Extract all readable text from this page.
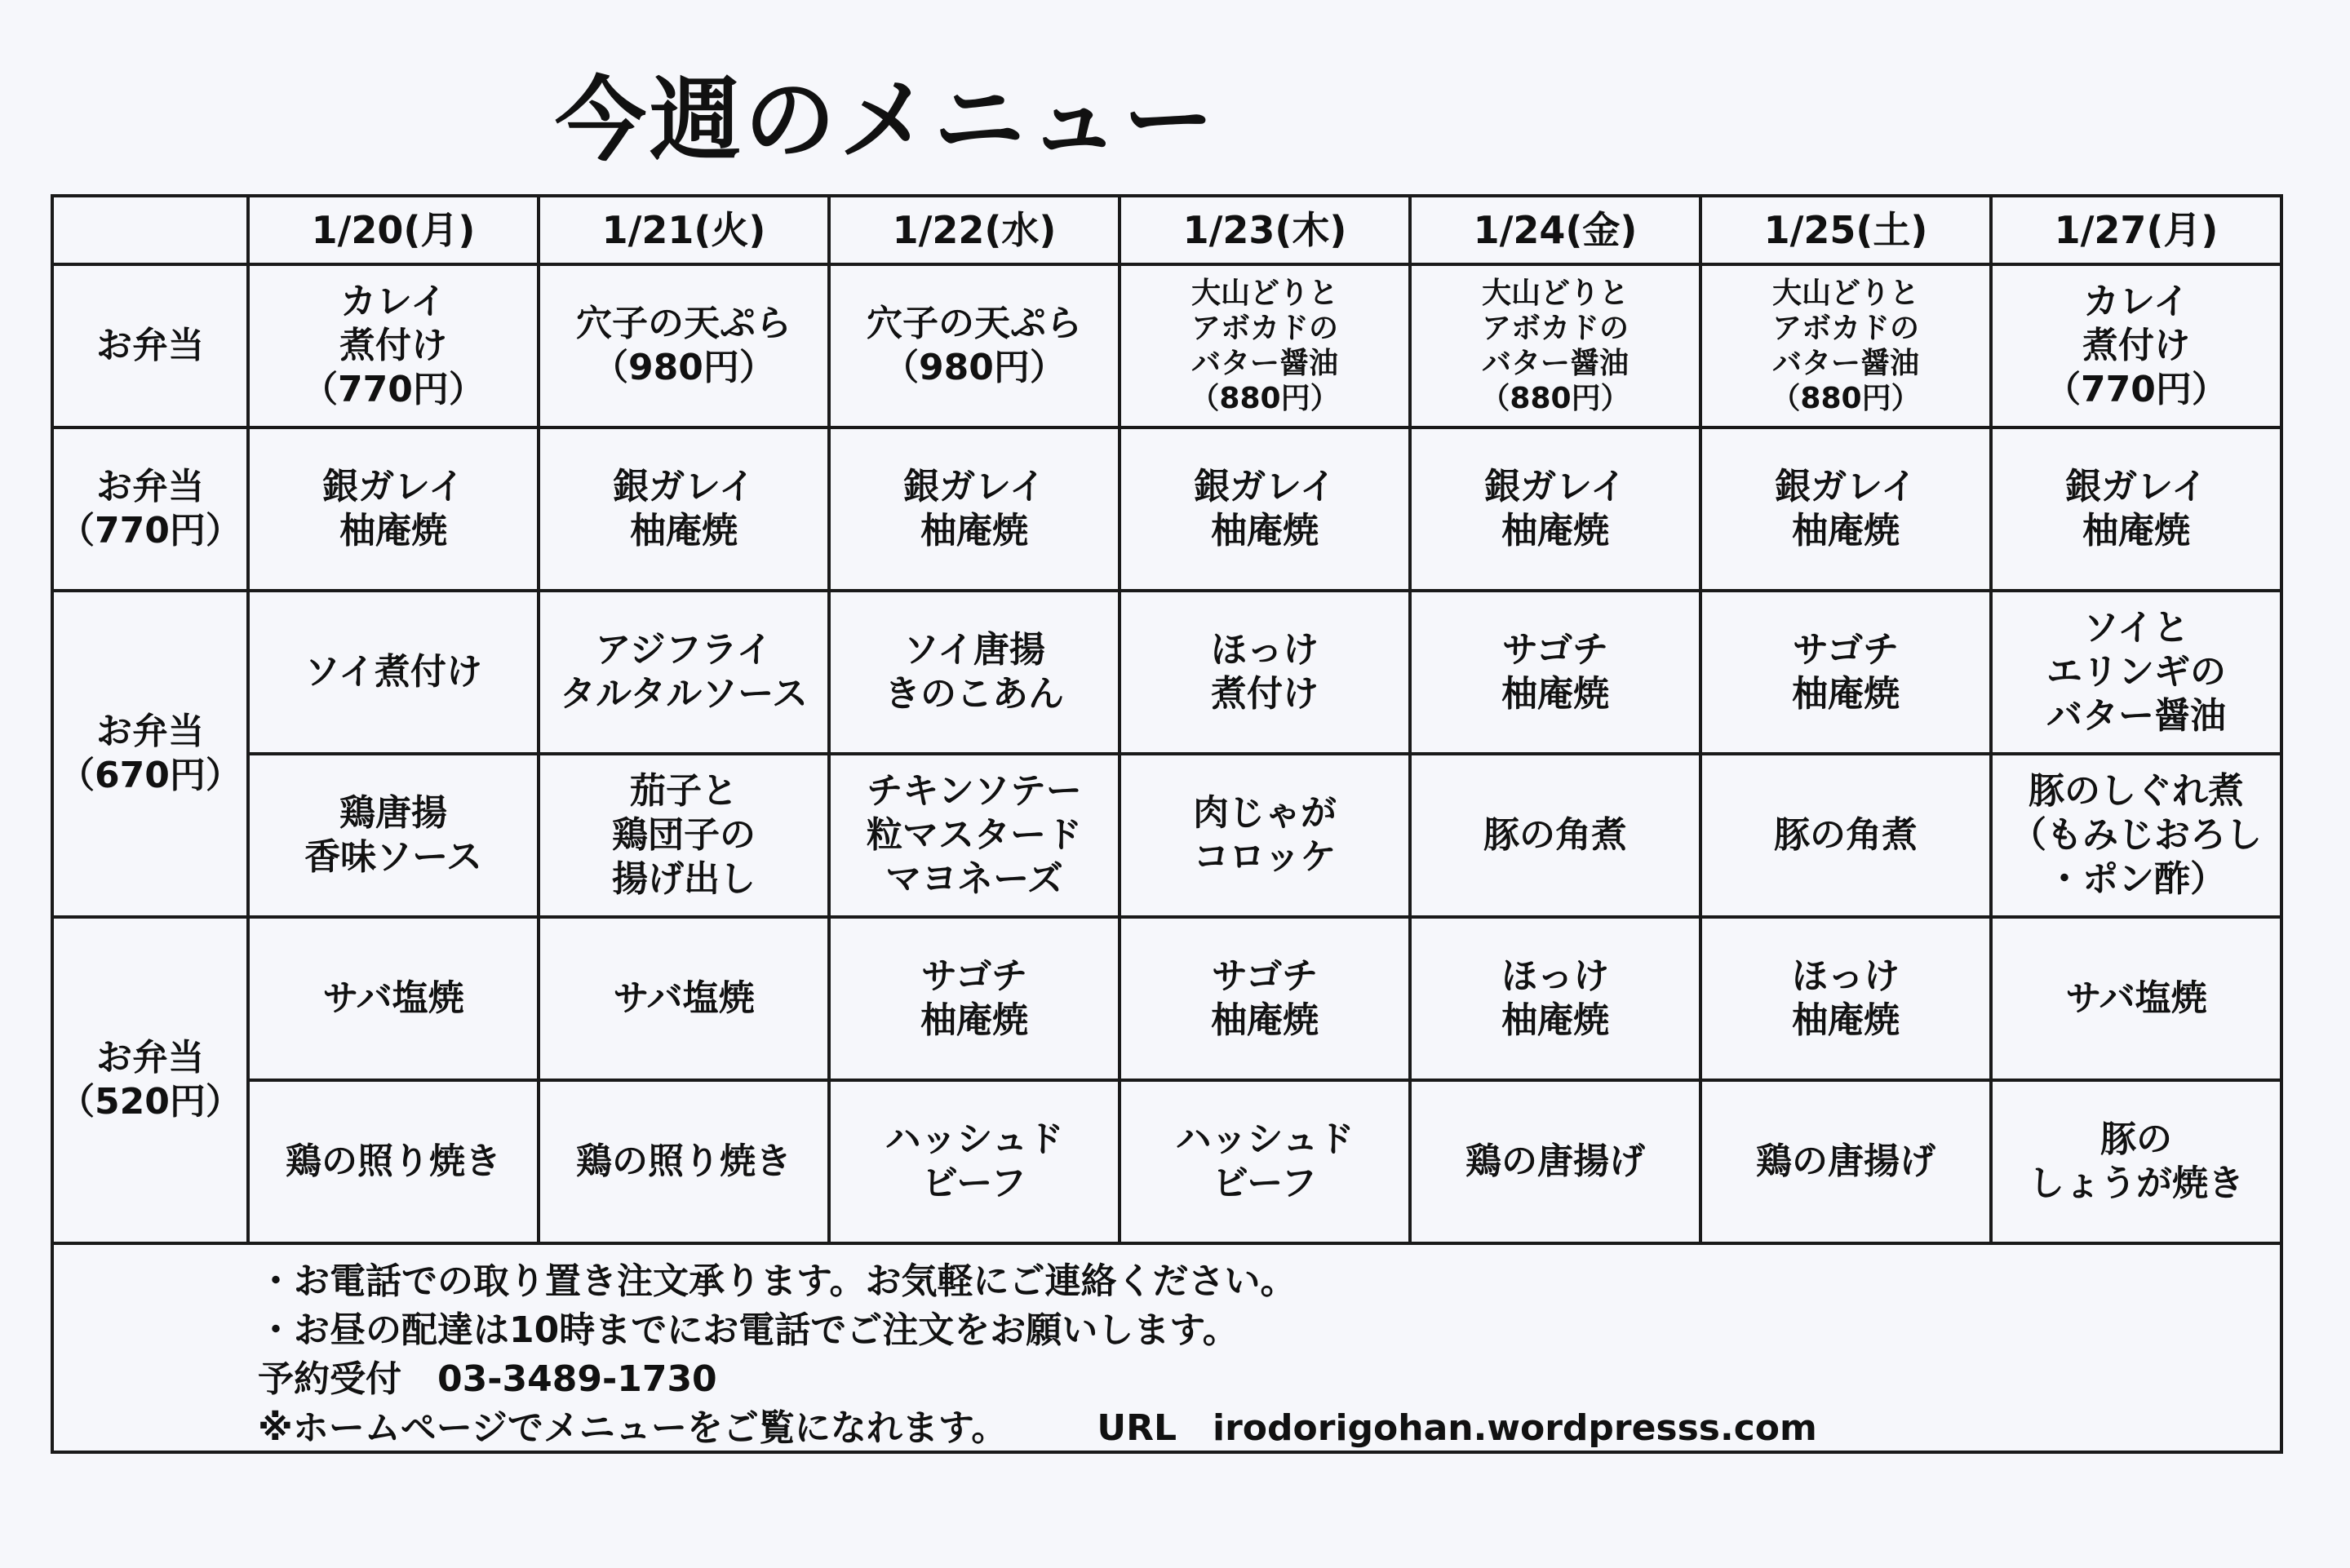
今週のメニュー
	1/20(月)	1/21(火)	1/22(水)	1/23(木)	1/24(金)	1/25(土)	1/27(月)

お弁当	カレイ
煮付け
（770円）	穴子の天ぷら
（980円）	穴子の天ぷら
（980円）	大山どりと
アボカドの
バター醤油
（880円）	大山どりと
アボカドの
バター醤油
（880円）	大山どりと
アボカドの
バター醤油
（880円）	カレイ
煮付け
（770円）

お弁当
（770円）	銀ガレイ
柚庵焼	銀ガレイ
柚庵焼	銀ガレイ
柚庵焼	銀ガレイ
柚庵焼	銀ガレイ
柚庵焼	銀ガレイ
柚庵焼	銀ガレイ
柚庵焼

お弁当
（670円）	ソイ煮付け	アジフライ
タルタルソース	ソイ唐揚
きのこあん	ほっけ
煮付け	サゴチ
柚庵焼	サゴチ
柚庵焼	ソイと
エリンギの
バター醤油

	鶏唐揚
香味ソース	茄子と
鶏団子の
揚げ出し	チキンソテー
粒マスタード
マヨネーズ	肉じゃが
コロッケ	豚の角煮	豚の角煮	豚のしぐれ煮
（もみじおろし
・ポン酢）

お弁当
（520円）	サバ塩焼	サバ塩焼	サゴチ
柚庵焼	サゴチ
柚庵焼	ほっけ
柚庵焼	ほっけ
柚庵焼	サバ塩焼

	鶏の照り焼き	鶏の照り焼き	ハッシュド
ビーフ	ハッシュド
ビーフ	鶏の唐揚げ	鶏の唐揚げ	豚の
しょうが焼き
・お電話での取り置き注文承ります。お気軽にご連絡ください。
・お昼の配達は10時までにお電話でご注文をお願いします。
予約受付　03-3489-1730
※ホームページでメニューをご覧になれます。	URL　irodorigohan.wordpresss.com
